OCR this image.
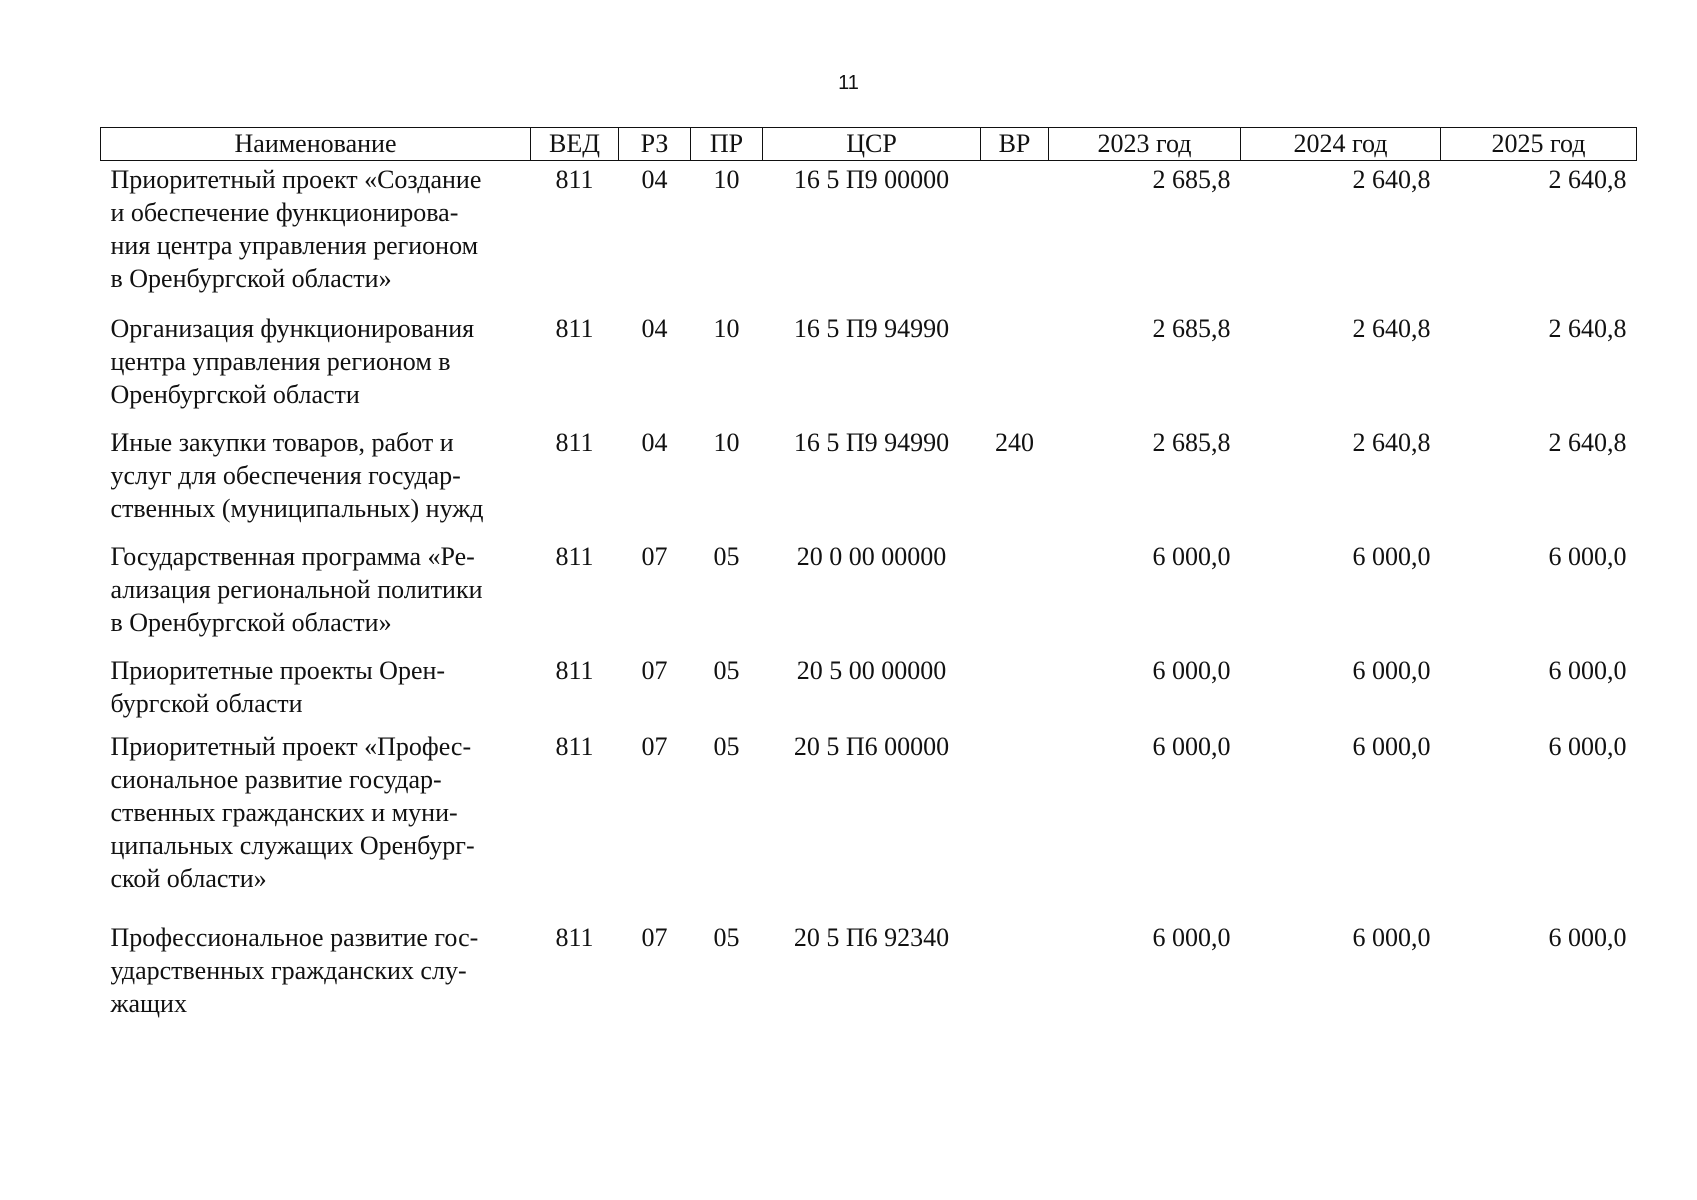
11
Наименование	ВЕД	РЗ	ПР	ЦСР	ВР	2023 год	2024 год	2025 год

Приоритетный проект «Создание
и обеспечение функционирова-
ния центра управления регионом
в Оренбургской области»	811	04	10	16 5 П9 00000		2 685,8	2 640,8	2 640,8

Организация функционирования
центра управления регионом в
Оренбургской области	811	04	10	16 5 П9 94990		2 685,8	2 640,8	2 640,8

Иные закупки товаров, работ и
услуг для обеспечения государ-
ственных (муниципальных) нужд	811	04	10	16 5 П9 94990	240	2 685,8	2 640,8	2 640,8

Государственная программа «Ре-
ализация региональной политики
в Оренбургской области»	811	07	05	20 0 00 00000		6 000,0	6 000,0	6 000,0

Приоритетные проекты Орен-
бургской области	811	07	05	20 5 00 00000		6 000,0	6 000,0	6 000,0

Приоритетный проект «Профес-
сиональное развитие государ-
ственных гражданских и муни-
ципальных служащих Оренбург-
ской области»	811	07	05	20 5 П6 00000		6 000,0	6 000,0	6 000,0

Профессиональное развитие гос-
ударственных гражданских слу-
жащих	811	07	05	20 5 П6 92340		6 000,0	6 000,0	6 000,0
